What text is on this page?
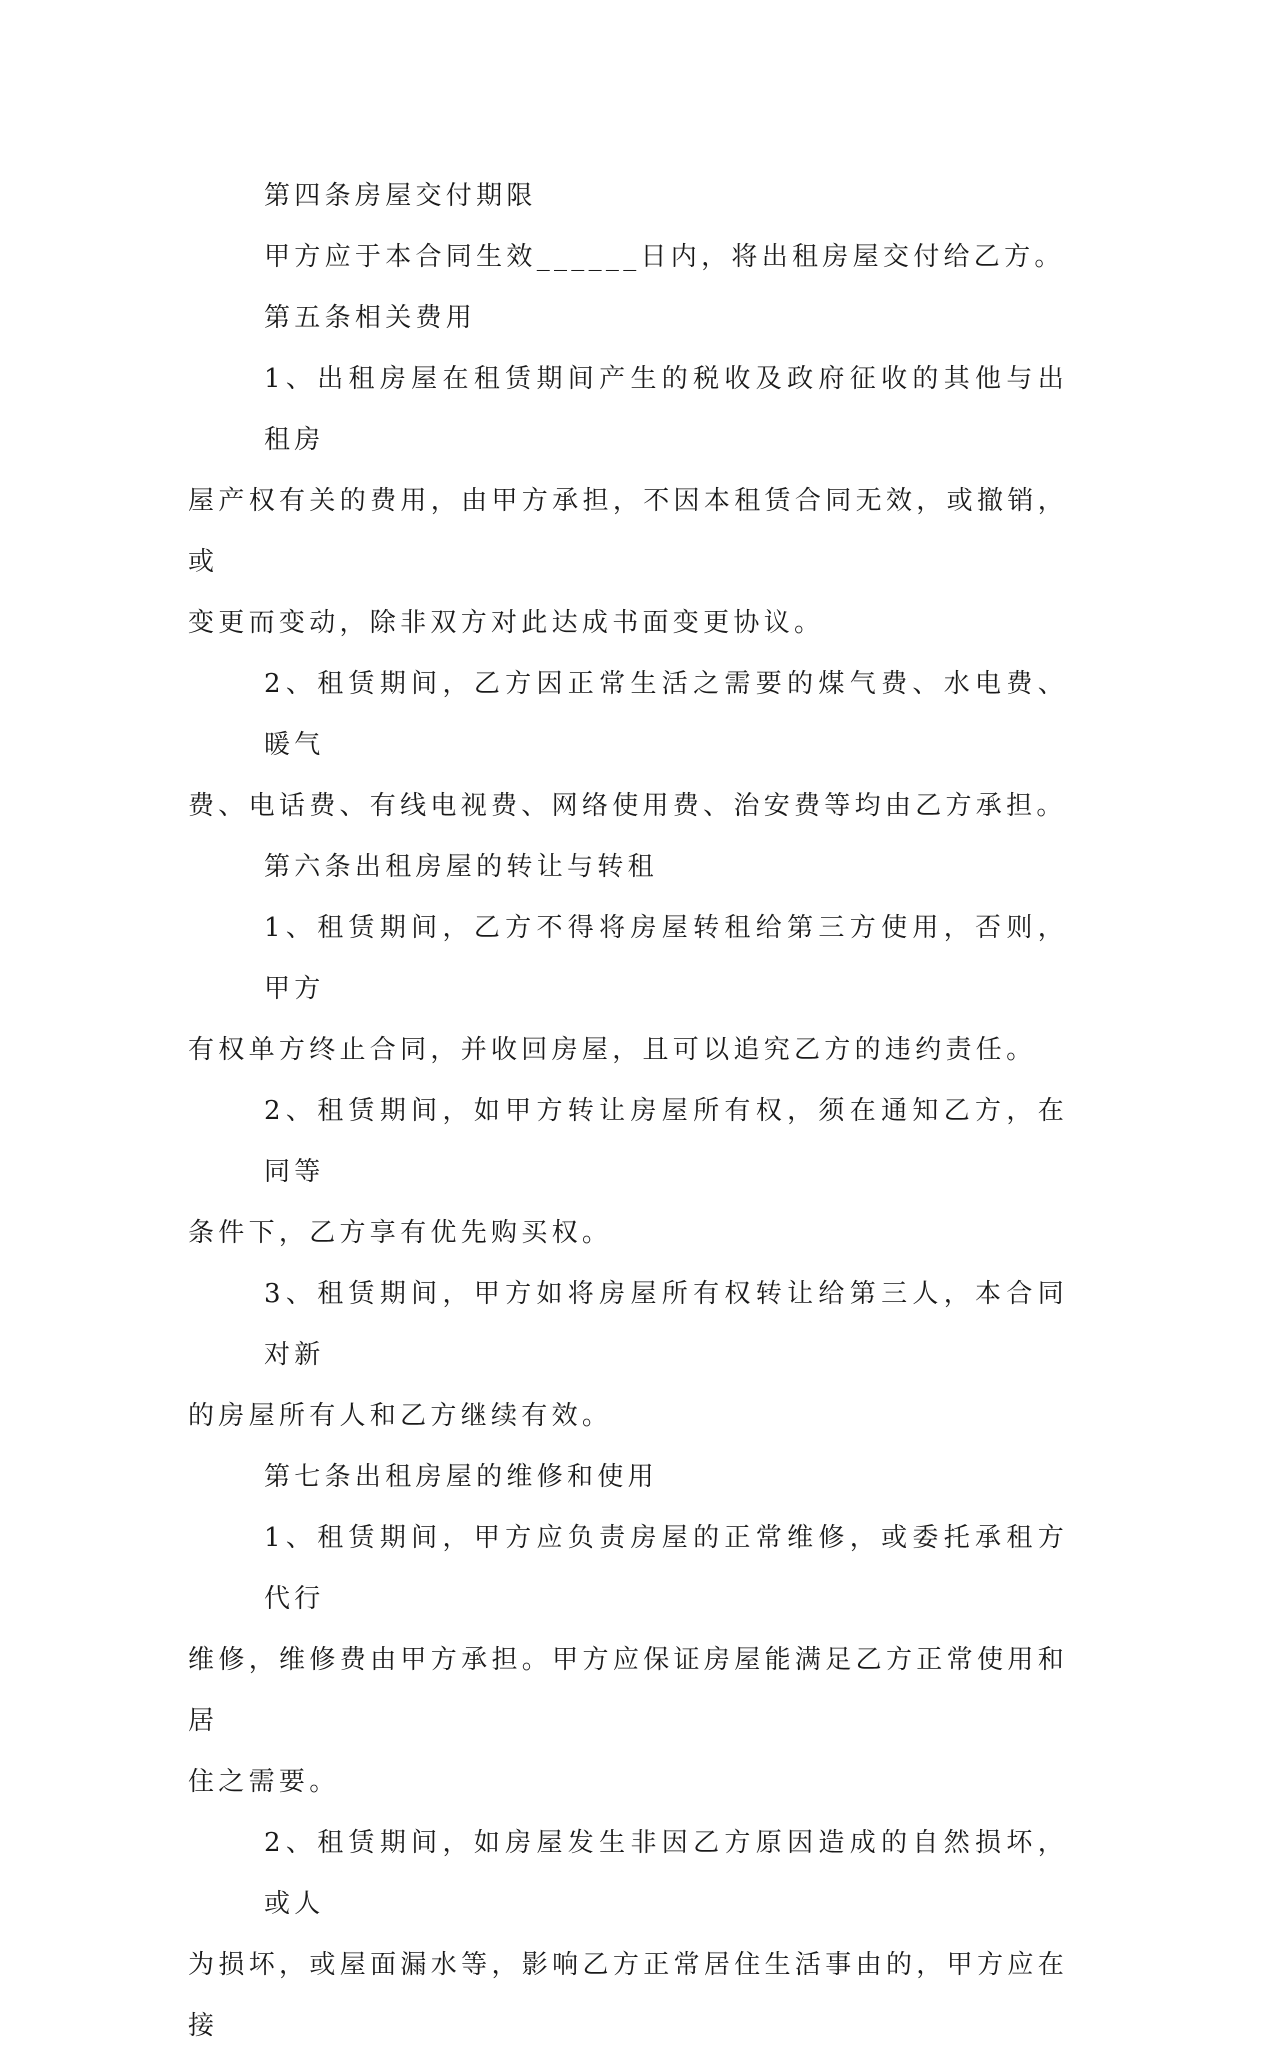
第四条房屋交付期限
甲方应于本合同生效______日内，将出租房屋交付给乙方。
第五条相关费用
1、出租房屋在租赁期间产生的税收及政府征收的其他与出租房
屋产权有关的费用，由甲方承担，不因本租赁合同无效，或撤销，或
变更而变动，除非双方对此达成书面变更协议。
2、租赁期间，乙方因正常生活之需要的煤气费、水电费、暖气
费、电话费、有线电视费、网络使用费、治安费等均由乙方承担。
第六条出租房屋的转让与转租
1、租赁期间，乙方不得将房屋转租给第三方使用，否则，甲方
有权单方终止合同，并收回房屋，且可以追究乙方的违约责任。
2、租赁期间，如甲方转让房屋所有权，须在通知乙方，在同等
条件下，乙方享有优先购买权。
3、租赁期间，甲方如将房屋所有权转让给第三人，本合同对新
的房屋所有人和乙方继续有效。
第七条出租房屋的维修和使用
1、租赁期间，甲方应负责房屋的正常维修，或委托承租方代行
维修，维修费由甲方承担。甲方应保证房屋能满足乙方正常使用和居
住之需要。
2、租赁期间，如房屋发生非因乙方原因造成的自然损坏，或人
为损坏，或屋面漏水等，影响乙方正常居住生活事由的，甲方应在接
